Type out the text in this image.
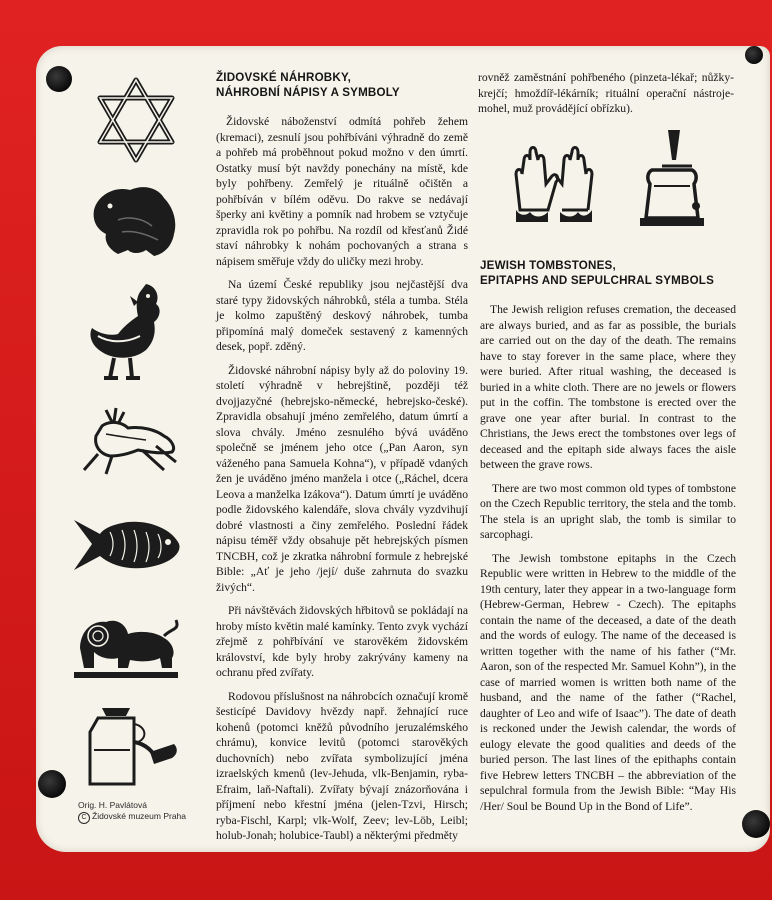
ŽIDOVSKÉ NÁHROBKY,
NÁHROBNÍ NÁPISY A SYMBOLY

Židovské náboženství odmítá pohřeb žehem (kremaci), zesnulí jsou pohřbíváni výhradně do země a pohřeb má proběhnout pokud možno v den úmrtí. Ostatky musí být navždy ponechány na místě, kde byly pohřbeny. Zemřelý je rituálně očištěn a pohřbíván v bílém oděvu. Do rakve se nedávají šperky ani květiny a pomník nad hrobem se vztyčuje zpravidla rok po pohřbu. Na rozdíl od křesťanů Židé staví náhrobky k nohám pochovaných a strana s nápisem směřuje vždy do uličky mezi hroby.

Na území České republiky jsou nejčastější dva staré typy židovských náhrobků, stéla a tumba. Stéla je kolmo zapuštěný deskový náhrobek, tumba připomíná malý domeček sestavený z kamenných desek, popř. zděný.

Židovské náhrobní nápisy byly až do poloviny 19. století výhradně v hebrejštině, později též dvojjazyčné (hebrejsko-německé, hebrejsko-české). Zpravidla obsahují jméno zemřelého, datum úmrtí a slova chvály. Jméno zesnulého bývá uváděno společně se jménem jeho otce („Pan Aaron, syn váženého pana Samuela Kohna“), v případě vdaných žen je uváděno jméno manžela i otce („Ráchel, dcera Leova a manželka Izákova“). Datum úmrtí je uváděno podle židovského kalendáře, slova chvály vyzdvihují dobré vlastnosti a činy zemřelého. Poslední řádek nápisu téměř vždy obsahuje pět hebrejských písmen TNCBH, což je zkratka náhrobní formule z hebrejské Bible: „Ať je jeho /její/ duše zahrnuta do svazku živých“.

Při návštěvách židovských hřbitovů se pokládají na hroby místo květin malé kamínky. Tento zvyk vychází zřejmě z pohřbívání ve starověkém židovském království, kde byly hroby zakrývány kameny na ochranu před zvířaty.

Rodovou příslušnost na náhrobcích označují kromě šesticípé Davidovy hvězdy např. žehnající ruce kohenů (potomci kněžů původního jeruzalémského chrámu), konvice levitů (potomci starověkých duchovních) nebo zvířata symbolizující jména izraelských kmenů (lev-Jehuda, vlk-Benjamin, ryba-Efraim, laň-Naftali). Zvířaty bývají znázorňována i příjmení nebo křestní jména (jelen-Tzvi, Hirsch; ryba-Fischl, Karpl; vlk-Wolf, Zeev; lev-Löb, Leibl; holub-Jonah; holubice-Taubl) a některými předměty

rovněž zaměstnání pohřbeného (pinzeta-lékař; nůžky-krejčí; hmoždíř-lékárník; rituální operační nástroje-mohel, muž provádějící obřízku).

JEWISH TOMBSTONES,
EPITAPHS AND SEPULCHRAL SYMBOLS

The Jewish religion refuses cremation, the deceased are always buried, and as far as possible, the burials are carried out on the day of the death. The remains have to stay forever in the same place, where they were buried. After ritual washing, the deceased is buried in a white cloth. There are no jewels or flowers put in the coffin. The tombstone is erected over the grave one year after burial. In contrast to the Christians, the Jews erect the tombstones over legs of deceased and the epitaph side always faces the aisle between the grave rows.

There are two most common old types of tombstone on the Czech Republic territory, the stela and the tomb. The stela is an upright slab, the tomb is similar to sarcophagi.

The Jewish tombstone epitaphs in the Czech Republic were written in Hebrew to the middle of the 19th century, later they appear in a two-language form (Hebrew-German, Hebrew - Czech). The epitaphs contain the name of the deceased, a date of the death and the words of eulogy. The name of the deceased is written together with the name of his father (“Mr. Aaron, son of the respected Mr. Samuel Kohn”), in the case of married women is written both name of the husband, and the name of the father (“Rachel, daughter of Leo and wife of Isaac”). The date of death is reckoned under the Jewish calendar, the words of eulogy elevate the good qualities and deeds of the buried person. The last lines of the epithaphs contain five Hebrew letters TNCBH – the abbreviation of the sepulchral formula from the Jewish Bible: “May His /Her/ Soul be Bound Up in the Bond of Life”.

Orig. H. Pavlátová
C Židovské muzeum Praha
